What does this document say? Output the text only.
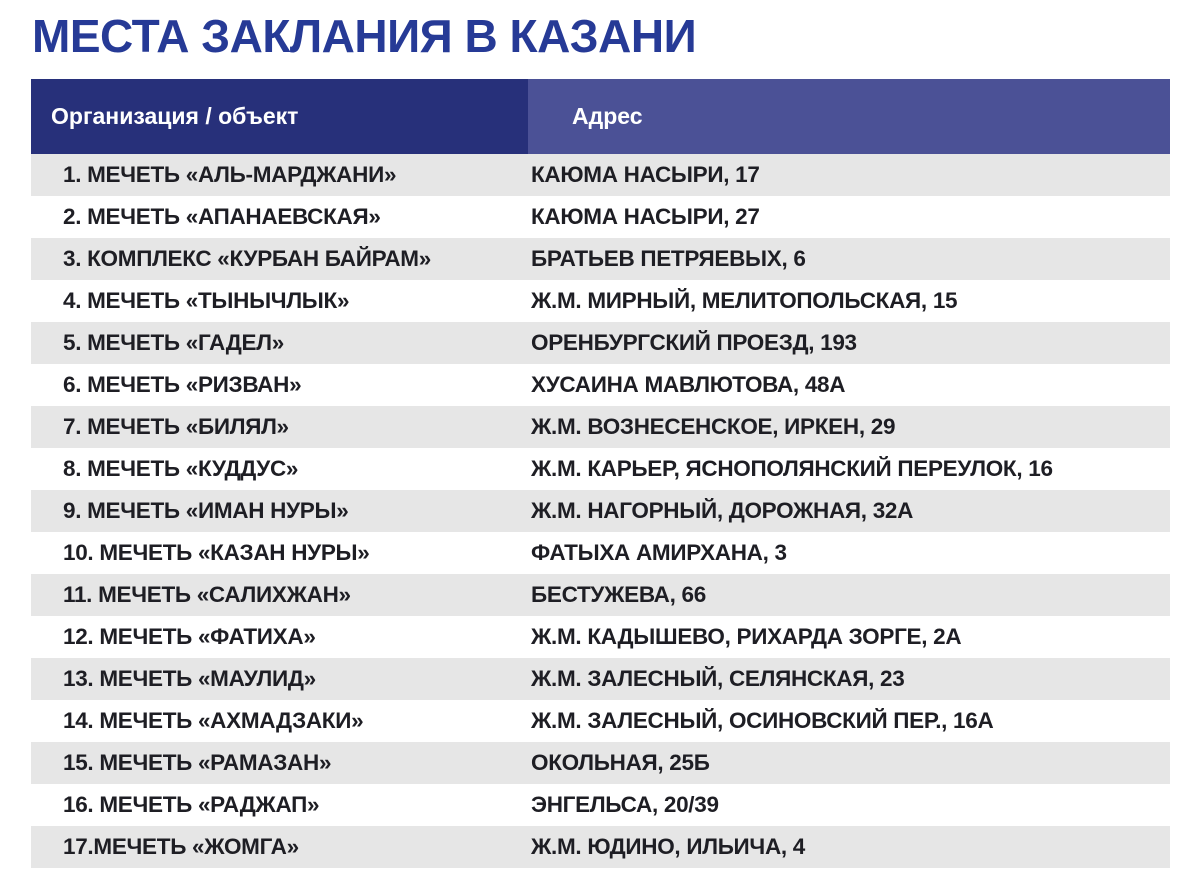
МЕСТА ЗАКЛАНИЯ В КАЗАНИ
Организация / объект	Адрес
1. МЕЧЕТЬ «АЛЬ-МАРДЖАНИ»	КАЮМА НАСЫРИ, 17
2. МЕЧЕТЬ «АПАНАЕВСКАЯ»	КАЮМА НАСЫРИ, 27
3. КОМПЛЕКС «КУРБАН БАЙРАМ»	БРАТЬЕВ ПЕТРЯЕВЫХ, 6
4. МЕЧЕТЬ «ТЫНЫЧЛЫК»	Ж.М. МИРНЫЙ, МЕЛИТОПОЛЬСКАЯ, 15
5. МЕЧЕТЬ «ГАДЕЛ»	ОРЕНБУРГСКИЙ ПРОЕЗД, 193
6. МЕЧЕТЬ «РИЗВАН»	ХУСАИНА МАВЛЮТОВА, 48А
7. МЕЧЕТЬ «БИЛЯЛ»	Ж.М. ВОЗНЕСЕНСКОЕ, ИРКЕН, 29
8. МЕЧЕТЬ «КУДДУС»	Ж.М. КАРЬЕР, ЯСНОПОЛЯНСКИЙ ПЕРЕУЛОК, 16
9. МЕЧЕТЬ «ИМАН НУРЫ»	Ж.М. НАГОРНЫЙ, ДОРОЖНАЯ, 32А
10. МЕЧЕТЬ «КАЗАН НУРЫ»	ФАТЫХА АМИРХАНА, 3
11. МЕЧЕТЬ «САЛИХЖАН»	БЕСТУЖЕВА, 66
12. МЕЧЕТЬ «ФАТИХА»	Ж.М. КАДЫШЕВО, РИХАРДА ЗОРГЕ, 2А
13. МЕЧЕТЬ «МАУЛИД»	Ж.М. ЗАЛЕСНЫЙ, СЕЛЯНСКАЯ, 23
14. МЕЧЕТЬ «АХМАДЗАКИ»	Ж.М. ЗАЛЕСНЫЙ, ОСИНОВСКИЙ ПЕР., 16А
15. МЕЧЕТЬ «РАМАЗАН»	ОКОЛЬНАЯ, 25Б
16. МЕЧЕТЬ «РАДЖАП»	ЭНГЕЛЬСА, 20/39
17.МЕЧЕТЬ «ЖОМГА»	Ж.М. ЮДИНО, ИЛЬИЧА, 4
